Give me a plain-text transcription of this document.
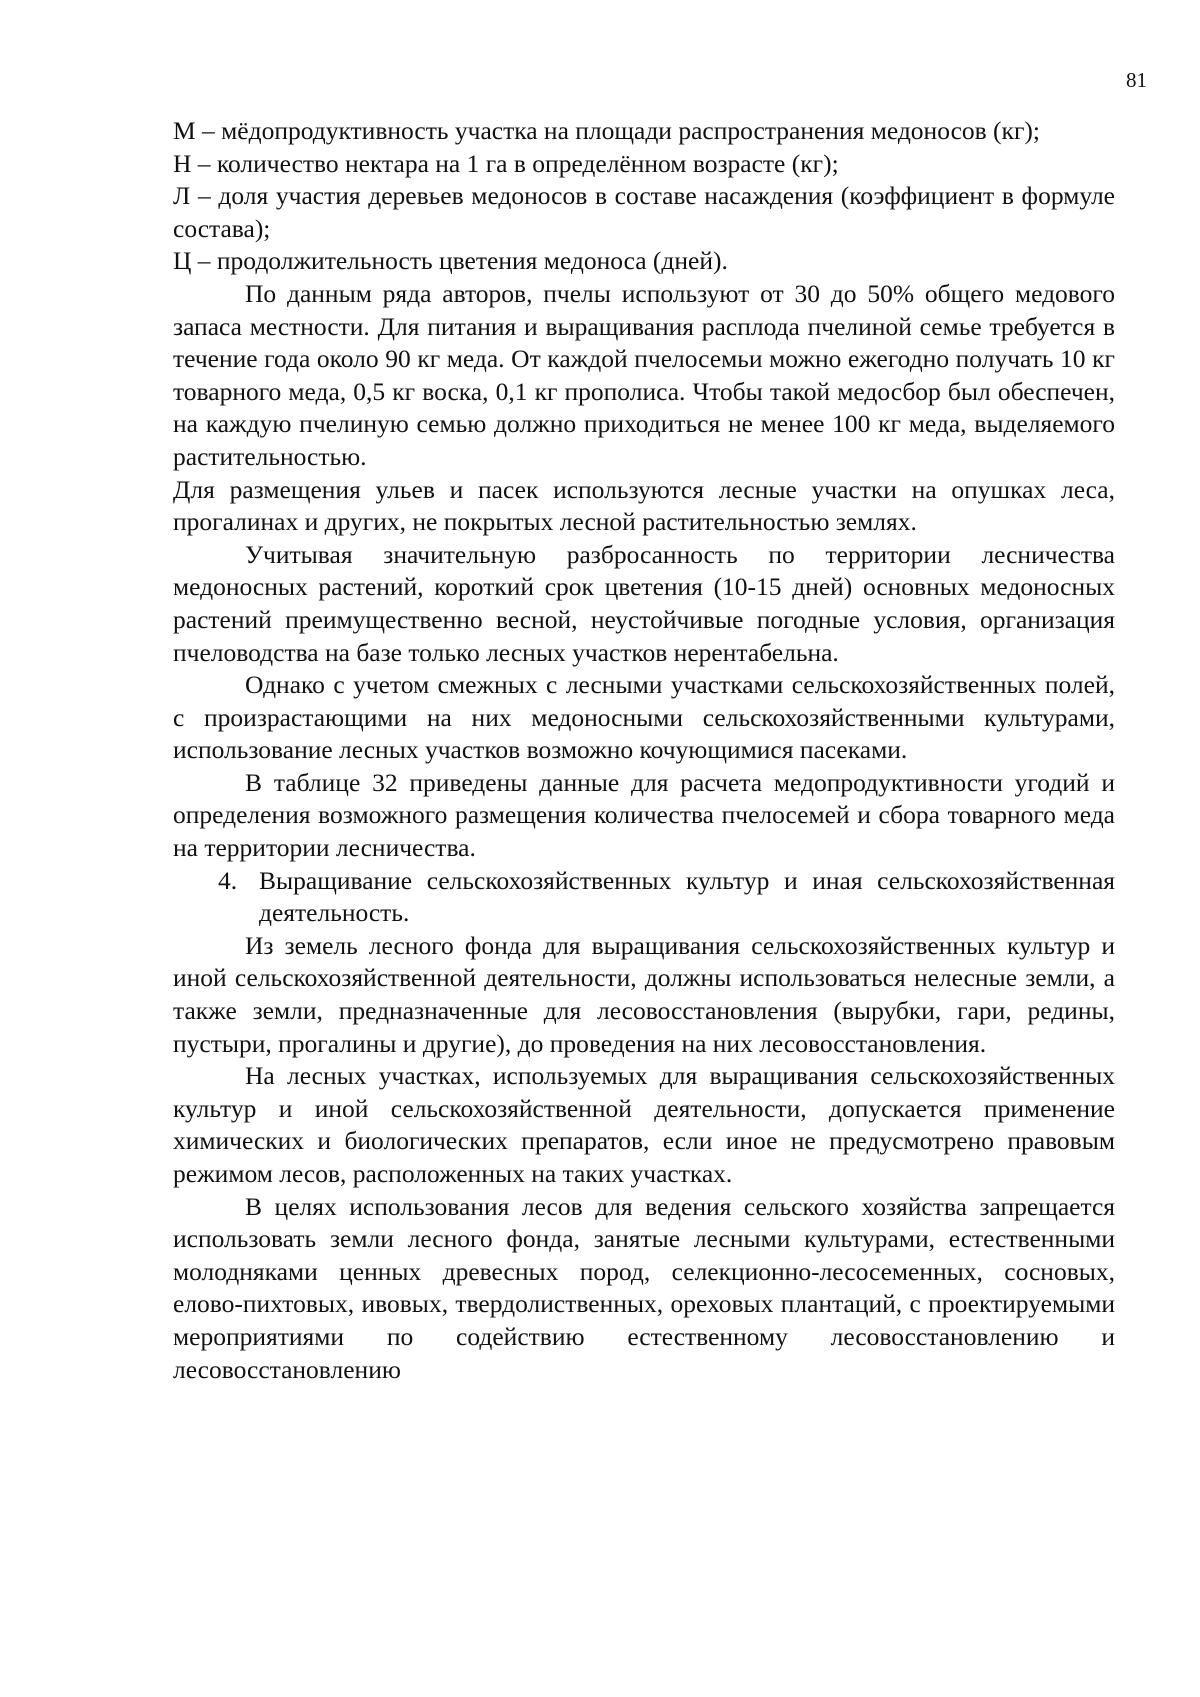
81

М – мёдопродуктивность участка на площади распространения медоносов (кг);

Н – количество нектара на 1 га в определённом возрасте (кг);

Л – доля участия деревьев медоносов в составе насаждения (коэффициент в формуле состава);

Ц – продолжительность цветения медоноса (дней).

По данным ряда авторов, пчелы используют от 30 до 50% общего медового запаса местности. Для питания и выращивания расплода пчелиной семье требуется в течение года около 90 кг меда. От каждой пчелосемьи можно ежегодно получать 10 кг товарного меда, 0,5 кг воска, 0,1 кг прополиса. Чтобы такой медосбор был обеспечен, на каждую пчелиную семью должно приходиться не менее 100 кг меда, выделяемого растительностью.

Для размещения ульев и пасек используются лесные участки на опушках леса, прогалинах и других, не покрытых лесной растительностью землях.

Учитывая значительную разбросанность по территории лесничества медоносных растений, короткий срок цветения (10-15 дней) основных медоносных растений преимущественно весной, неустойчивые погодные условия, организация пчеловодства на базе только лесных участков нерентабельна.

Однако с учетом смежных с лесными участками сельскохозяйственных полей, с произрастающими на них медоносными сельскохозяйственными культурами, использование лесных участков возможно кочующимися пасеками.

В таблице 32 приведены данные для расчета медопродуктивности угодий и определения возможного размещения количества пчелосемей и сбора товарного меда на территории лесничества.

4. Выращивание сельскохозяйственных культур и иная сельскохозяйственная деятельность.

Из земель лесного фонда для выращивания сельскохозяйственных культур и иной сельскохозяйственной деятельности, должны использоваться нелесные земли, а также земли, предназначенные для лесовосстановления (вырубки, гари, редины, пустыри, прогалины и другие), до проведения на них лесовосстановления.

На лесных участках, используемых для выращивания сельскохозяйственных культур и иной сельскохозяйственной деятельности, допускается применение химических и биологических препаратов, если иное не предусмотрено правовым режимом лесов, расположенных на таких участках.

В целях использования лесов для ведения сельского хозяйства запрещается использовать земли лесного фонда, занятые лесными культурами, естественными молодняками ценных древесных пород, селекционно-лесосеменных, сосновых, елово-пихтовых, ивовых, твердолиственных, ореховых плантаций, с проектируемыми мероприятиями по содействию естественному лесовосстановлению и лесовосстановлению
